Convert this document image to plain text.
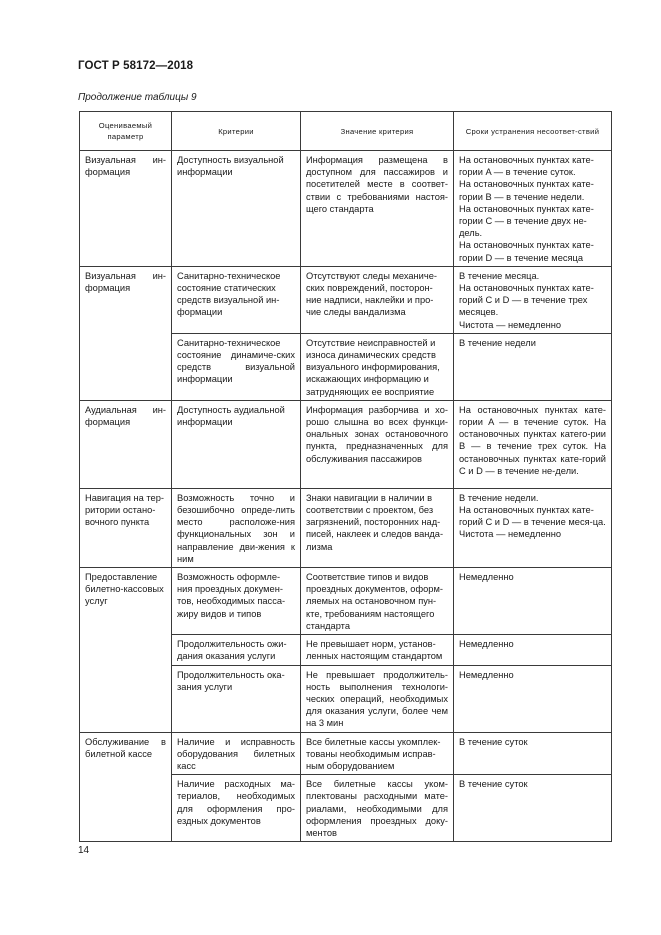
ГОСТ Р 58172—2018
Продолжение таблицы 9
Оцениваемый параметр	Критерии	Значение критерия	Сроки устранения несоответ-ствий
Визуальная ин-формация	Доступность визуальной информации	Информация размещена в доступном для пассажиров и посетителей месте в соответ-ствии с требованиями настоя-щего стандарта	На остановочных пунктах кате-гории A — в течение суток.
На остановочных пунктах кате-гории B — в течение недели.
На остановочных пунктах кате-гории C — в течение двух не-дель.
На остановочных пунктах кате-гории D — в течение месяца
Визуальная ин-формация	Санитарно-техническое состояние статических средств визуальной ин-формации	Отсутствуют следы механиче-ских повреждений, посторон-ние надписи, наклейки и про-чие следы вандализма	В течение месяца.
На остановочных пунктах кате-горий C и D — в течение трех месяцев.
Чистота — немедленно
	Санитарно-техническое состояние динамиче-ских средств визуальной информации	Отсутствие неисправностей и износа динамических средств визуального информирования, искажающих информацию и затрудняющих ее восприятие	В течение недели
Аудиальная ин-формация	Доступность аудиальной информации	Информация разборчива и хо-рошо слышна во всех функци-ональных зонах остановочного пункта, предназначенных для обслуживания пассажиров	На остановочных пунктах кате-гории A — в течение суток. На остановочных пунктах катего-рии B — в течение трех суток. На остановочных пунктах кате-горий C и D — в течение не-дели.
Навигация на тер-ритории остано-вочного пункта	Возможность точно и безошибочно опреде-лить место расположе-ния функциональных зон и направление дви-жения к ним	Знаки навигации в наличии в соответствии с проектом, без загрязнений, посторонних над-писей, наклеек и следов ванда-лизма	В течение недели.
На остановочных пунктах кате-горий C и D — в течение меся-ца.
Чистота — немедленно
Предоставление билетно-кассовых услуг	Возможность оформле-ния проездных докумен-тов, необходимых пасса-жиру видов и типов	Соответствие типов и видов проездных документов, оформ-ляемых на остановочном пун-кте, требованиям настоящего стандарта	Немедленно
	Продолжительность ожи-дания оказания услуги	Не превышает норм, установ-ленных настоящим стандартом	Немедленно
	Продолжительность ока-зания услуги	Не превышает продолжитель-ность выполнения технологи-ческих операций, необходимых для оказания услуги, более чем на 3 мин	Немедленно
Обслуживание в билетной кассе	Наличие и исправность оборудования билетных касс	Все билетные кассы укомплек-тованы необходимым исправ-ным оборудованием	В течение суток
	Наличие расходных ма-териалов, необходимых для оформления про-ездных документов	Все билетные кассы уком-плектованы расходными мате-риалами, необходимыми для оформления проездных доку-ментов	В течение суток
14
